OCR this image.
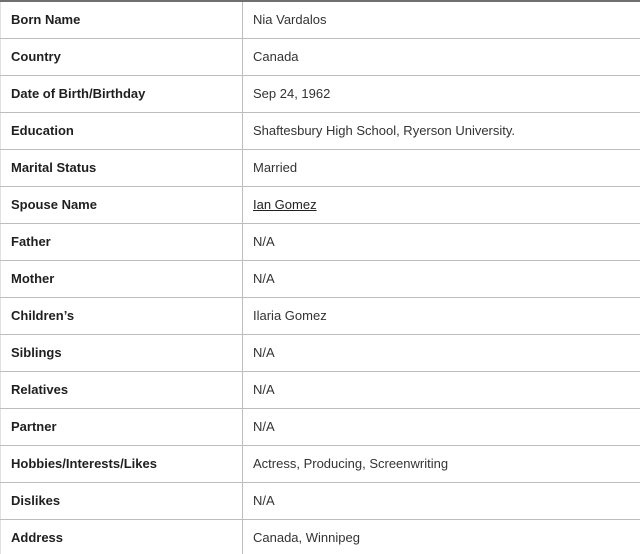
Born Name	Nia Vardalos
Country	Canada
Date of Birth/Birthday	Sep 24, 1962
Education	Shaftesbury High School, Ryerson University.
Marital Status	Married
Spouse Name	Ian Gomez
Father	N/A
Mother	N/A
Children’s	Ilaria Gomez
Siblings	N/A
Relatives	N/A
Partner	N/A
Hobbies/Interests/Likes	Actress, Producing, Screenwriting
Dislikes	N/A
Address	Canada, Winnipeg
